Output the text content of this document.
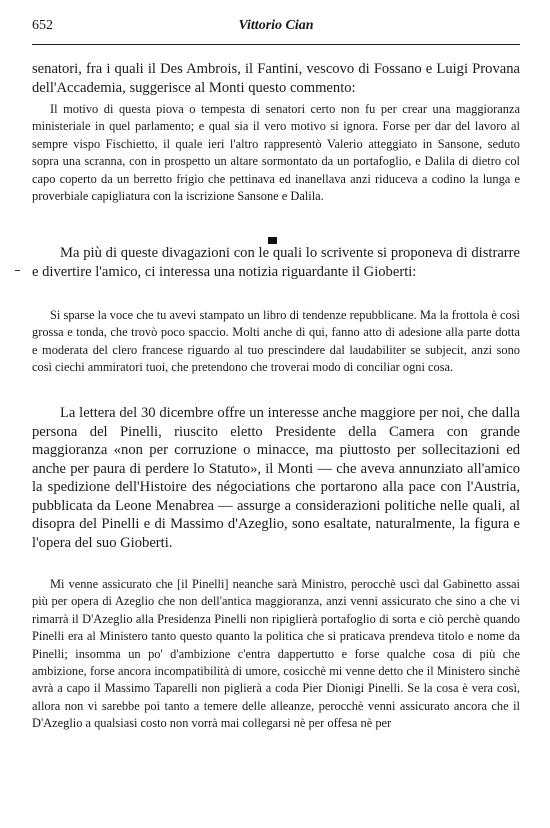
652	Vittorio Cian

senatori, fra i quali il Des Ambrois, il Fantini, vescovo di Fossano e Luigi Provana dell'Accademia, suggerisce al Monti questo commento:

Il motivo di questa piova o tempesta di senatori certo non fu per crear una maggioranza ministeriale in quel parlamento; e qual sia il vero motivo si ignora. Forse per dar del lavoro al sempre vispo Fischietto, il quale ieri l'altro rappresentò Valerio atteggiato in Sansone, seduto sopra una scranna, con in prospetto un altare sormontato da un portafoglio, e Dalila di dietro col capo coperto da un berretto frigio che pettinava ed inanellava anzi riduceva a codino la lunga e proverbiale capigliatura con la iscrizione Sansone e Dalila.

Ma più di queste divagazioni con le quali lo scrivente si proponeva di distrarre e divertire l'amico, ci interessa una notizia riguardante il Gioberti:

Si sparse la voce che tu avevi stampato un libro di tendenze repubblicane. Ma la frottola è così grossa e tonda, che trovò poco spaccio. Molti anche di qui, fanno atto di adesione alla parte dotta e moderata del clero francese riguardo al tuo prescindere dal laudabiliter se subjecit, anzi sono così ciechi ammiratori tuoi, che pretendono che troverai modo di conciliar ogni cosa.

La lettera del 30 dicembre offre un interesse anche maggiore per noi, che dalla persona del Pinelli, riuscito eletto Presidente della Camera con grande maggioranza «non per corruzione o minacce, ma piuttosto per sollecitazioni ed anche per paura di perdere lo Statuto», il Monti — che aveva annunziato all'amico la spedizione dell'Histoire des négociations che portarono alla pace con l'Austria, pubblicata da Leone Menabrea — assurge a considerazioni politiche nelle quali, al disopra del Pinelli e di Massimo d'Azeglio, sono esaltate, naturalmente, la figura e l'opera del suo Gioberti.

Mi venne assicurato che [il Pinelli] neanche sarà Ministro, perocchè uscì dal Gabinetto assai più per opera di Azeglio che non dell'antica maggioranza, anzi venni assicurato che sino a che vi rimarrà il D'Azeglio alla Presidenza Pinelli non ripiglierà portafoglio di sorta e ciò perchè quando Pinelli era al Ministero tanto questo quanto la politica che si praticava prendeva titolo e nome da Pinelli; insomma un po' d'ambizione c'entra dappertutto e forse qualche cosa di più che ambizione, forse ancora incompatibilità di umore, cosicchè mi venne detto che il Ministero sinchè avrà a capo il Massimo Taparelli non piglierà a coda Pier Dionigi Pinelli. Se la cosa è vera così, allora non vi sarebbe poi tanto a temere delle alleanze, perocchè venni assicurato ancora che il D'Azeglio a qualsiasi costo non vorrà mai collegarsi nè per offesa nè per
